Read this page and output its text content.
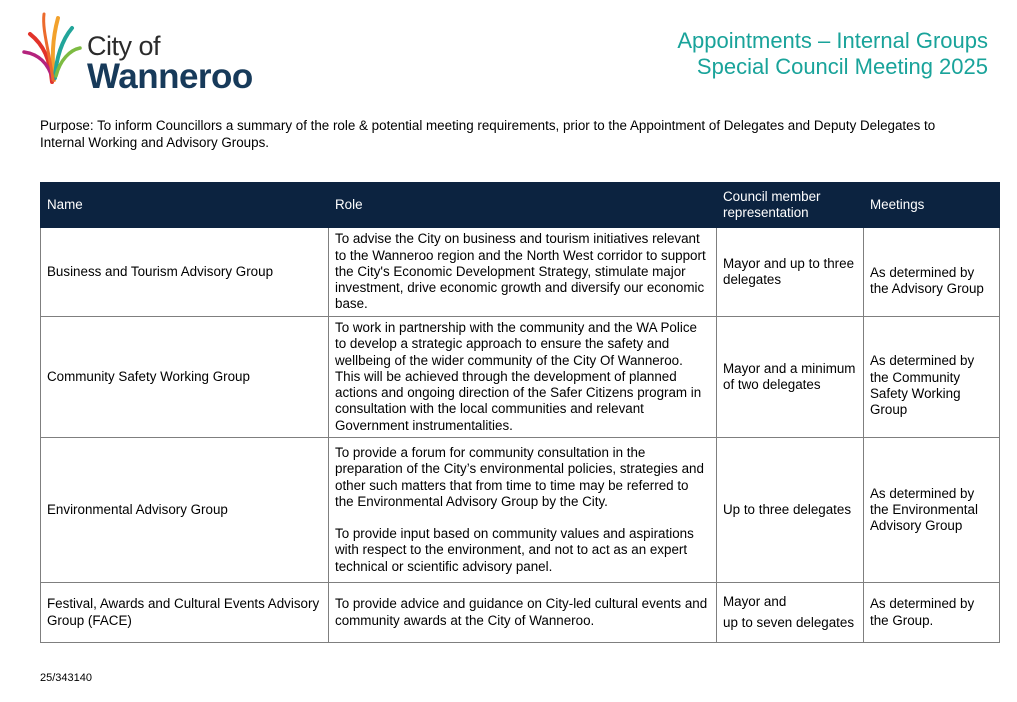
City of
Wanneroo
Appointments – Internal Groups
Special Council Meeting 2025
Purpose: To inform Councillors a summary of the role & potential meeting requirements, prior to the Appointment of Delegates and Deputy Delegates to Internal Working and Advisory Groups.
Name	Role	Council member representation	Meetings
Business and Tourism Advisory Group	To advise the City on business and tourism initiatives relevant to the Wanneroo region and the North West corridor to support the City's Economic Development Strategy, stimulate major investment, drive economic growth and diversify our economic base.	Mayor and up to three delegates	As determined by the Advisory Group
Community Safety Working Group	To work in partnership with the community and the WA Police to develop a strategic approach to ensure the safety and wellbeing of the wider community of the City Of Wanneroo. This will be achieved through the development of planned actions and ongoing direction of the Safer Citizens program in consultation with the local communities and relevant Government instrumentalities.	Mayor and a minimum of two delegates	As determined by the Community Safety Working Group
Environmental Advisory Group	To provide a forum for community consultation in the preparation of the City’s environmental policies, strategies and other such matters that from time to time may be referred to the Environmental Advisory Group by the City.
To provide input based on community values and aspirations with respect to the environment, and not to act as an expert technical or scientific advisory panel.	Up to three delegates	As determined by the Environmental Advisory Group
Festival, Awards and Cultural Events Advisory Group (FACE)	To provide advice and guidance on City-led cultural events and community awards at the City of Wanneroo.	Mayor and
up to seven delegates	As determined by the Group.
25/343140
